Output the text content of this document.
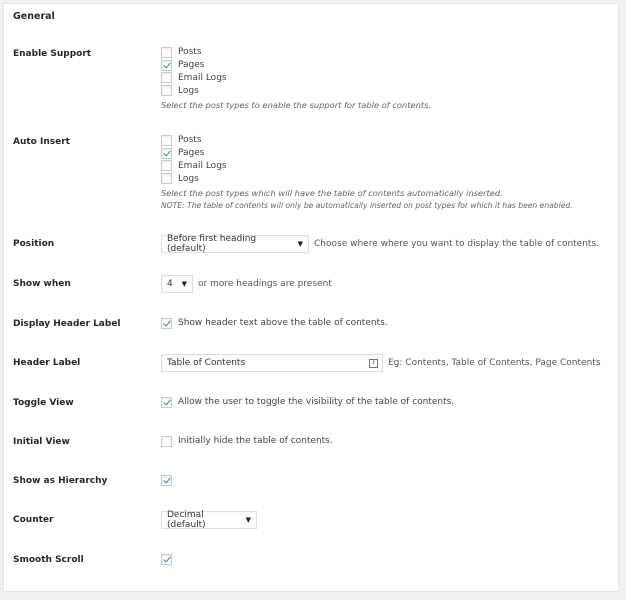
General
Enable Support	Posts
Pages
Email Logs
Logs
Select the post types to enable the support for table of contents.
Auto Insert	Posts
Pages
Email Logs
Logs
Select the post types which will have the table of contents automatically inserted.
NOTE: The table of contents will only be automatically inserted on post types for which it has been enabled.
Position	Before first heading (default)	▼ Choose where where you want to display the table of contents.
Show when	4 ▼ or more headings are present
Display Header Label	Show header text above the table of contents.
Header Label	Table of Contents	↕ Eg: Contents, Table of Contents, Page Contents
Toggle View	Allow the user to toggle the visibility of the table of contents.
Initial View	Initially hide the table of contents.
Show as Hierarchy
Counter	Decimal (default)	▼
Smooth Scroll
